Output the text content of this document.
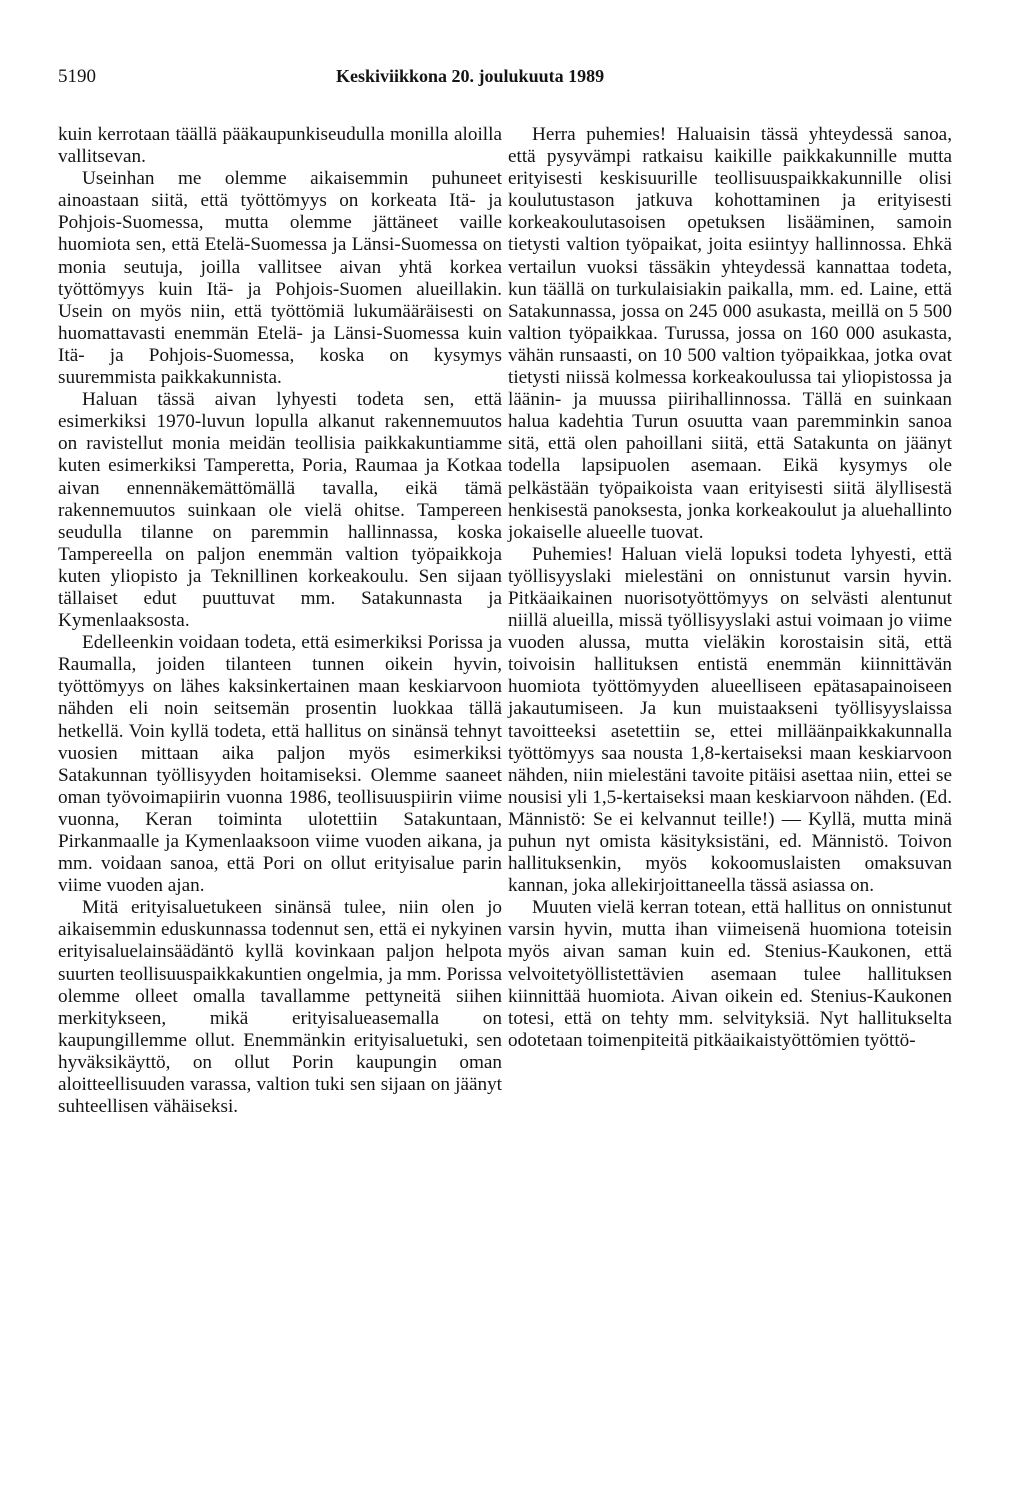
5190	Keskiviikkona 20. joulukuuta 1989

kuin kerrotaan täällä pääkaupunkiseudulla monilla aloilla vallitsevan.

Useinhan me olemme aikaisemmin puhuneet ainoastaan siitä, että työttömyys on korkeata Itä- ja Pohjois-Suomessa, mutta olemme jättäneet vaille huomiota sen, että Etelä-Suomessa ja Länsi-Suomessa on monia seutuja, joilla vallitsee aivan yhtä korkea työttömyys kuin Itä- ja Pohjois-Suomen alueillakin. Usein on myös niin, että työttömiä lukumääräisesti on huomattavasti enemmän Etelä- ja Länsi-Suomessa kuin Itä- ja Pohjois-Suomessa, koska on kysymys suuremmista paikkakunnista.

Haluan tässä aivan lyhyesti todeta sen, että esimerkiksi 1970-luvun lopulla alkanut rakennemuutos on ravistellut monia meidän teollisia paikkakuntiamme kuten esimerkiksi Tamperetta, Poria, Raumaa ja Kotkaa aivan ennennäkemättömällä tavalla, eikä tämä rakennemuutos suinkaan ole vielä ohitse. Tampereen seudulla tilanne on paremmin hallinnassa, koska Tampereella on paljon enemmän valtion työpaikkoja kuten yliopisto ja Teknillinen korkeakoulu. Sen sijaan tällaiset edut puuttuvat mm. Satakunnasta ja Kymenlaaksosta.

Edelleenkin voidaan todeta, että esimerkiksi Porissa ja Raumalla, joiden tilanteen tunnen oikein hyvin, työttömyys on lähes kaksinkertainen maan keskiarvoon nähden eli noin seitsemän prosentin luokkaa tällä hetkellä. Voin kyllä todeta, että hallitus on sinänsä tehnyt vuosien mittaan aika paljon myös esimerkiksi Satakunnan työllisyyden hoitamiseksi. Olemme saaneet oman työvoimapiirin vuonna 1986, teollisuuspiirin viime vuonna, Keran toiminta ulotettiin Satakuntaan, Pirkanmaalle ja Kymenlaaksoon viime vuoden aikana, ja mm. voidaan sanoa, että Pori on ollut erityisalue parin viime vuoden ajan.

Mitä erityisaluetukeen sinänsä tulee, niin olen jo aikaisemmin eduskunnassa todennut sen, että ei nykyinen erityisaluelainsäädäntö kyllä kovinkaan paljon helpota suurten teollisuuspaikkakuntien ongelmia, ja mm. Porissa olemme olleet omalla tavallamme pettyneitä siihen merkitykseen, mikä erityisalueasemalla on kaupungillemme ollut. Enemmänkin erityisaluetuki, sen hyväksikäyttö, on ollut Porin kaupungin oman aloitteellisuuden varassa, valtion tuki sen sijaan on jäänyt suhteellisen vähäiseksi.

Herra puhemies! Haluaisin tässä yhteydessä sanoa, että pysyvämpi ratkaisu kaikille paikkakunnille mutta erityisesti keskisuurille teollisuuspaikkakunnille olisi koulutustason jatkuva kohottaminen ja erityisesti korkeakoulutasoisen opetuksen lisääminen, samoin tietysti valtion työpaikat, joita esiintyy hallinnossa. Ehkä vertailun vuoksi tässäkin yhteydessä kannattaa todeta, kun täällä on turkulaisiakin paikalla, mm. ed. Laine, että Satakunnassa, jossa on 245 000 asukasta, meillä on 5 500 valtion työpaikkaa. Turussa, jossa on 160 000 asukasta, vähän runsaasti, on 10 500 valtion työpaikkaa, jotka ovat tietysti niissä kolmessa korkeakoulussa tai yliopistossa ja läänin- ja muussa piirihallinnossa. Tällä en suinkaan halua kadehtia Turun osuutta vaan paremminkin sanoa sitä, että olen pahoillani siitä, että Satakunta on jäänyt todella lapsipuolen asemaan. Eikä kysymys ole pelkästään työpaikoista vaan erityisesti siitä älyllisestä henkisestä panoksesta, jonka korkeakoulut ja aluehallinto jokaiselle alueelle tuovat.

Puhemies! Haluan vielä lopuksi todeta lyhyesti, että työllisyyslaki mielestäni on onnistunut varsin hyvin. Pitkäaikainen nuorisotyöttömyys on selvästi alentunut niillä alueilla, missä työllisyyslaki astui voimaan jo viime vuoden alussa, mutta vieläkin korostaisin sitä, että toivoisin hallituksen entistä enemmän kiinnittävän huomiota työttömyyden alueelliseen epätasapainoiseen jakautumiseen. Ja kun muistaakseni työllisyyslaissa tavoitteeksi asetettiin se, ettei milläänpaikkakunnalla työttömyys saa nousta 1,8-kertaiseksi maan keskiarvoon nähden, niin mielestäni tavoite pitäisi asettaa niin, ettei se nousisi yli 1,5-kertaiseksi maan keskiarvoon nähden. (Ed. Männistö: Se ei kelvannut teille!) — Kyllä, mutta minä puhun nyt omista käsityksistäni, ed. Männistö. Toivon hallituksenkin, myös kokoomuslaisten omaksuvan kannan, joka allekirjoittaneella tässä asiassa on.

Muuten vielä kerran totean, että hallitus on onnistunut varsin hyvin, mutta ihan viimeisenä huomiona toteisin myös aivan saman kuin ed. Stenius-Kaukonen, että velvoitetyöllistettävien asemaan tulee hallituksen kiinnittää huomiota. Aivan oikein ed. Stenius-Kaukonen totesi, että on tehty mm. selvityksiä. Nyt hallitukselta odotetaan toimenpiteitä pitkäaikaistyöttömien työttö-
